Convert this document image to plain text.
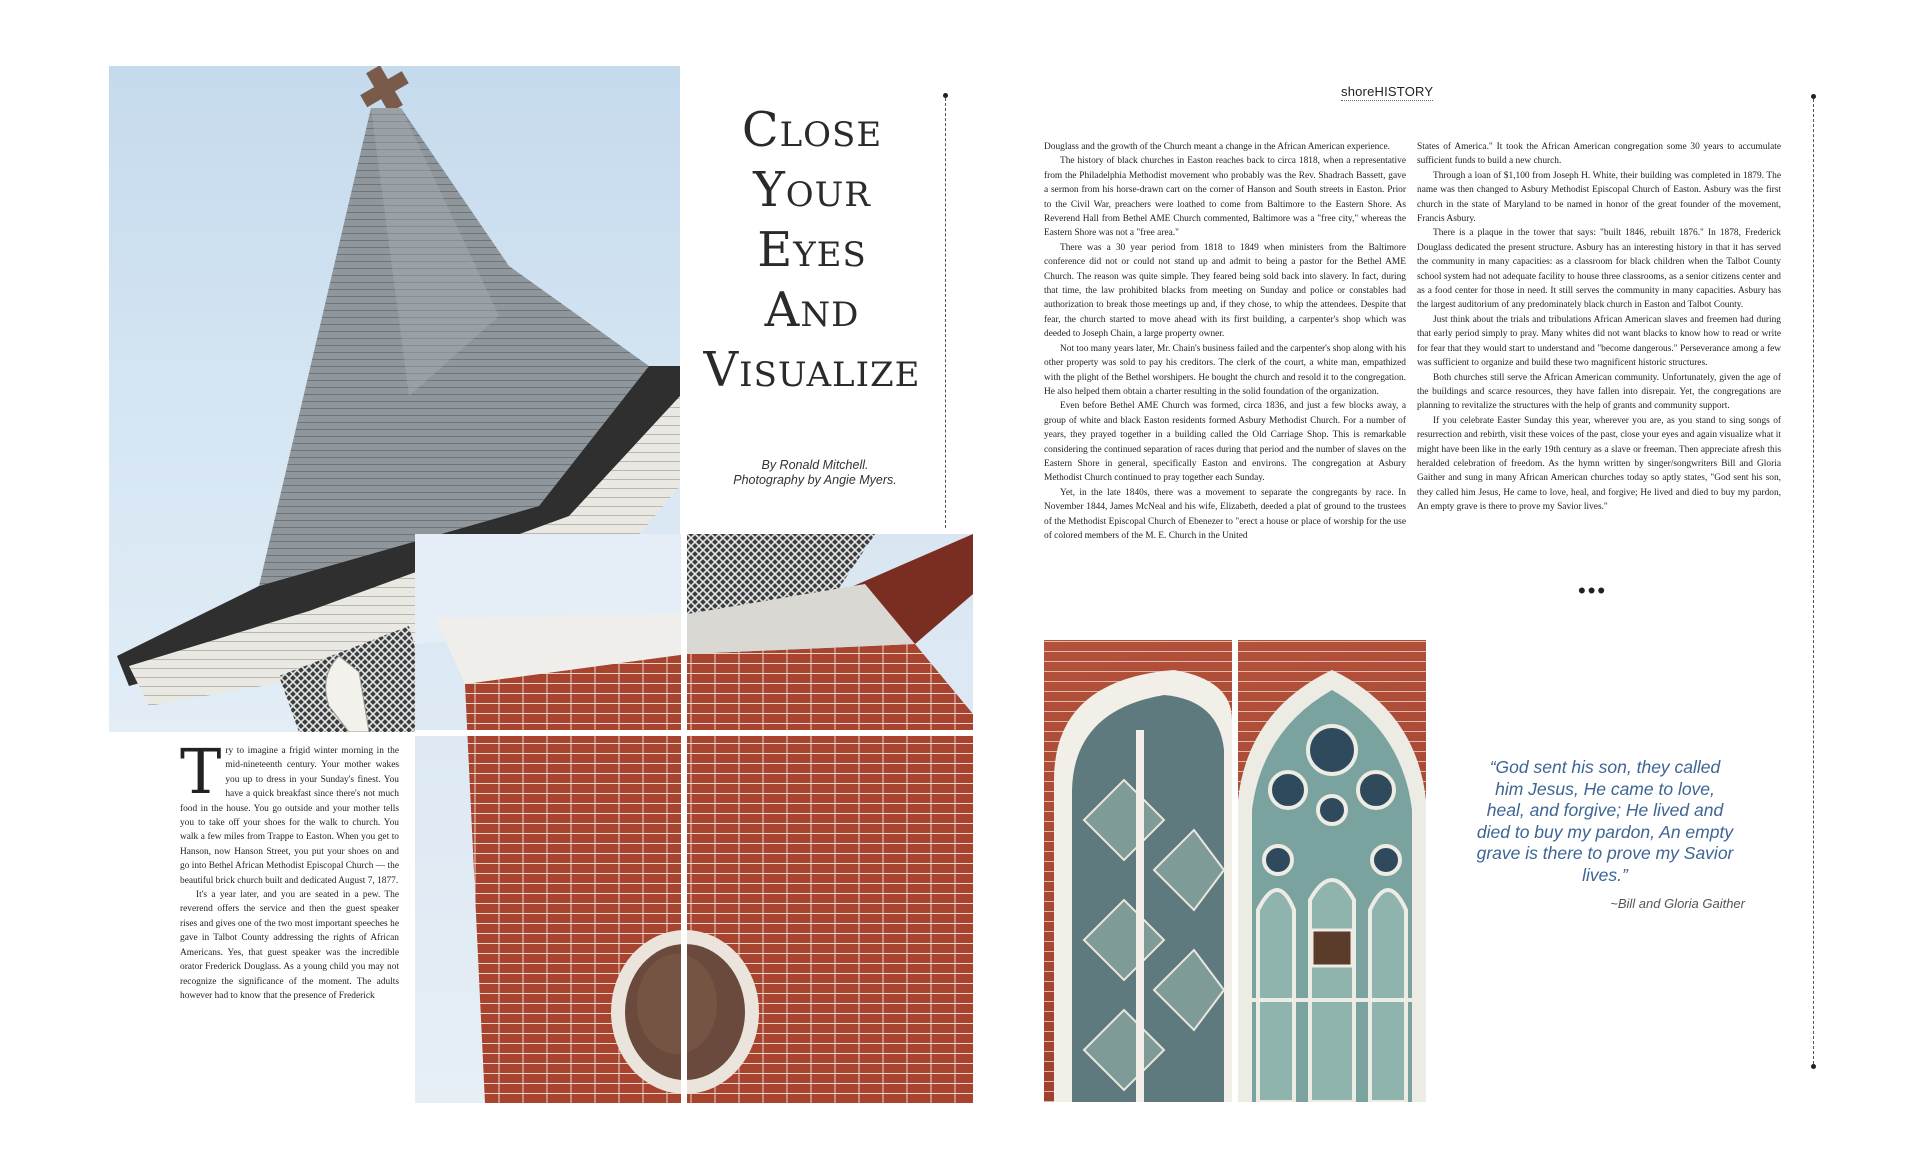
Close
Your
Eyes
And
Visualize
By Ronald Mitchell.
Photography by Angie Myers.

Try to imagine a frigid winter morning in the mid-nineteenth century. Your mother wakes you up to dress in your Sunday's finest. You have a quick breakfast since there's not much food in the house. You go outside and your mother tells you to take off your shoes for the walk to church. You walk a few miles from Trappe to Easton. When you get to Hanson, now Hanson Street, you put your shoes on and go into Bethel African Methodist Episcopal Church — the beautiful brick church built and dedicated August 7, 1877.

It's a year later, and you are seated in a pew. The reverend offers the service and then the guest speaker rises and gives one of the two most important speeches he gave in Talbot County addressing the rights of African Americans. Yes, that guest speaker was the incredible orator Frederick Douglass. As a young child you may not recognize the significance of the moment. The adults however had to know that the presence of Frederick

shoreHISTORY

Douglass and the growth of the Church meant a change in the African American experience.

The history of black churches in Easton reaches back to circa 1818, when a representative from the Philadelphia Methodist movement who probably was the Rev. Shadrach Bassett, gave a sermon from his horse-drawn cart on the corner of Hanson and South streets in Easton. Prior to the Civil War, preachers were loathed to come from Baltimore to the Eastern Shore. As Reverend Hall from Bethel AME Church commented, Baltimore was a "free city," whereas the Eastern Shore was not a "free area."

There was a 30 year period from 1818 to 1849 when ministers from the Baltimore conference did not or could not stand up and admit to being a pastor for the Bethel AME Church. The reason was quite simple. They feared being sold back into slavery. In fact, during that time, the law prohibited blacks from meeting on Sunday and police or constables had authorization to break those meetings up and, if they chose, to whip the attendees. Despite that fear, the church started to move ahead with its first building, a carpenter's shop which was deeded to Joseph Chain, a large property owner.

Not too many years later, Mr. Chain's business failed and the carpenter's shop along with his other property was sold to pay his creditors. The clerk of the court, a white man, empathized with the plight of the Bethel worshipers. He bought the church and resold it to the congregation. He also helped them obtain a charter resulting in the solid foundation of the organization.

Even before Bethel AME Church was formed, circa 1836, and just a few blocks away, a group of white and black Easton residents formed Asbury Methodist Church. For a number of years, they prayed together in a building called the Old Carriage Shop. This is remarkable considering the continued separation of races during that period and the number of slaves on the Eastern Shore in general, specifically Easton and environs. The congregation at Asbury Methodist Church continued to pray together each Sunday.

Yet, in the late 1840s, there was a movement to separate the congregants by race. In November 1844, James McNeal and his wife, Elizabeth, deeded a plat of ground to the trustees of the Methodist Episcopal Church of Ebenezer to "erect a house or place of worship for the use of colored members of the M. E. Church in the United

States of America." It took the African American congregation some 30 years to accumulate sufficient funds to build a new church.

Through a loan of $1,100 from Joseph H. White, their building was completed in 1879. The name was then changed to Asbury Methodist Episcopal Church of Easton. Asbury was the first church in the state of Maryland to be named in honor of the great founder of the movement, Francis Asbury.

There is a plaque in the tower that says: "built 1846, rebuilt 1876." In 1878, Frederick Douglass dedicated the present structure. Asbury has an interesting history in that it has served the community in many capacities: as a classroom for black children when the Talbot County school system had not adequate facility to house three classrooms, as a senior citizens center and as a food center for those in need. It still serves the community in many capacities. Asbury has the largest auditorium of any predominately black church in Easton and Talbot County.

Just think about the trials and tribulations African American slaves and freemen had during that early period simply to pray. Many whites did not want blacks to know how to read or write for fear that they would start to understand and "become dangerous." Perseverance among a few was sufficient to organize and build these two magnificent historic structures.

Both churches still serve the African American community. Unfortunately, given the age of the buildings and scarce resources, they have fallen into disrepair. Yet, the congregations are planning to revitalize the structures with the help of grants and community support.

If you celebrate Easter Sunday this year, wherever you are, as you stand to sing songs of resurrection and rebirth, visit these voices of the past, close your eyes and again visualize what it might have been like in the early 19th century as a slave or freeman. Then appreciate afresh this heralded celebration of freedom. As the hymn written by singer/songwriters Bill and Gloria Gaither and sung in many African American churches today so aptly states, "God sent his son, they called him Jesus, He came to love, heal, and forgive; He lived and died to buy my pardon, An empty grave is there to prove my Savior lives."

•••
“God sent his son, they called him Jesus, He came to love, heal, and forgive; He lived and died to buy my pardon, An empty grave is there to prove my Savior lives.”
~Bill and Gloria Gaither
